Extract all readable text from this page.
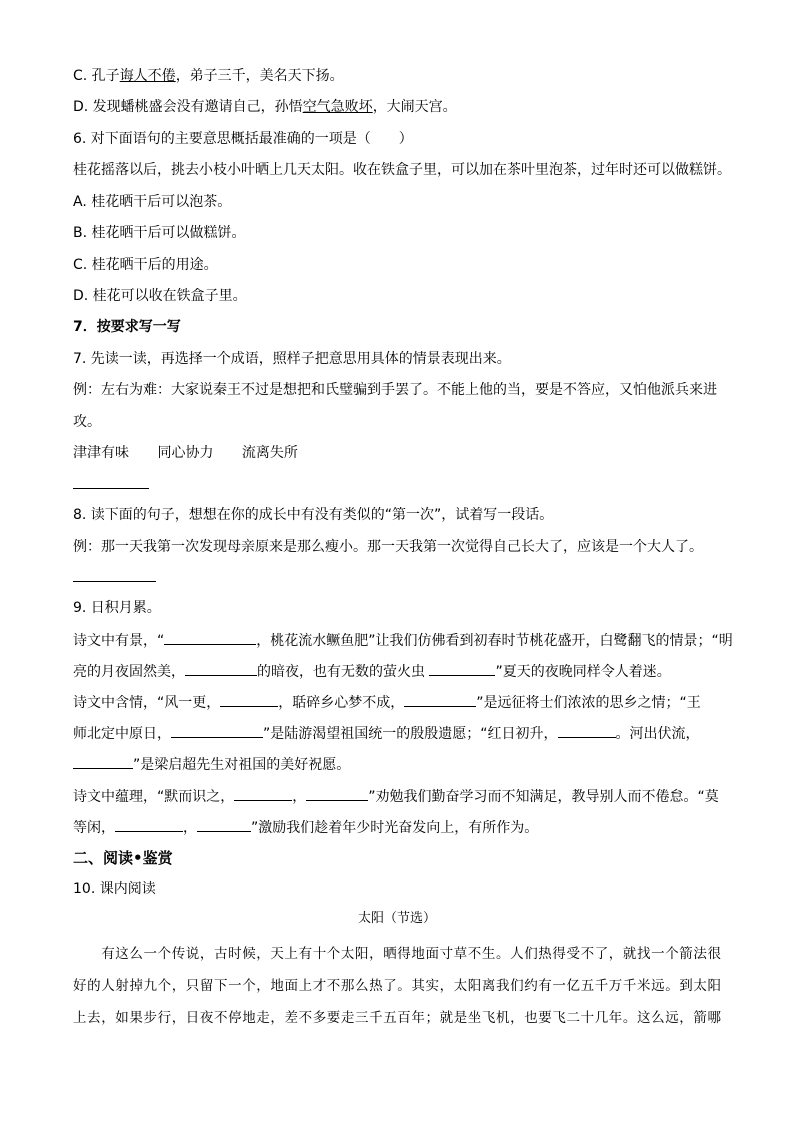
C. 孔子诲人不倦，弟子三千，美名天下扬。
D. 发现蟠桃盛会没有邀请自己，孙悟空气急败坏，大闹天宫。
6. 对下面语句的主要意思概括最准确的一项是（　　）
桂花摇落以后，挑去小枝小叶晒上几天太阳。收在铁盒子里，可以加在茶叶里泡茶，过年时还可以做糕饼。
A. 桂花晒干后可以泡茶。
B. 桂花晒干后可以做糕饼。
C. 桂花晒干后的用途。
D. 桂花可以收在铁盒子里。
7．按要求写一写
7. 先读一读，再选择一个成语，照样子把意思用具体的情景表现出来。
例：左右为难：大家说秦王不过是想把和氏璧骗到手罢了。不能上他的当，要是不答应，又怕他派兵来进
攻。
津津有味 同心协力 流离失所
8. 读下面的句子，想想在你的成长中有没有类似的“第一次”，试着写一段话。
例：那一天我第一次发现母亲原来是那么瘦小。那一天我第一次觉得自己长大了，应该是一个大人了。
9. 日积月累。
诗文中有景，“	，桃花流水鳜鱼肥”让我们仿佛看到初春时节桃花盛开，白鹭翻飞的情景；“明
亮的月夜固然美，	的暗夜，也有无数的萤火虫	”夏天的夜晚同样令人着迷。
诗文中含情，“风一更，	，聒碎乡心梦不成，	”是远征将士们浓浓的思乡之情；“王
师北定中原日，	”是陆游渴望祖国统一的殷殷遗愿；“红日初升，	。河出伏流，
”是梁启超先生对祖国的美好祝愿。
诗文中蕴理，“默而识之，	，	”劝勉我们勤奋学习而不知满足，教导别人而不倦怠。“莫
等闲，	，	”激励我们趁着年少时光奋发向上，有所作为。
二、阅读•鉴赏
10. 课内阅读
太阳（节选）
　　有这么一个传说，古时候，天上有十个太阳，晒得地面寸草不生。人们热得受不了，就找一个箭法很
好的人射掉九个，只留下一个，地面上才不那么热了。其实，太阳离我们约有一亿五千万千米远。到太阳
上去，如果步行，日夜不停地走，差不多要走三千五百年；就是坐飞机，也要飞二十几年。这么远，箭哪
